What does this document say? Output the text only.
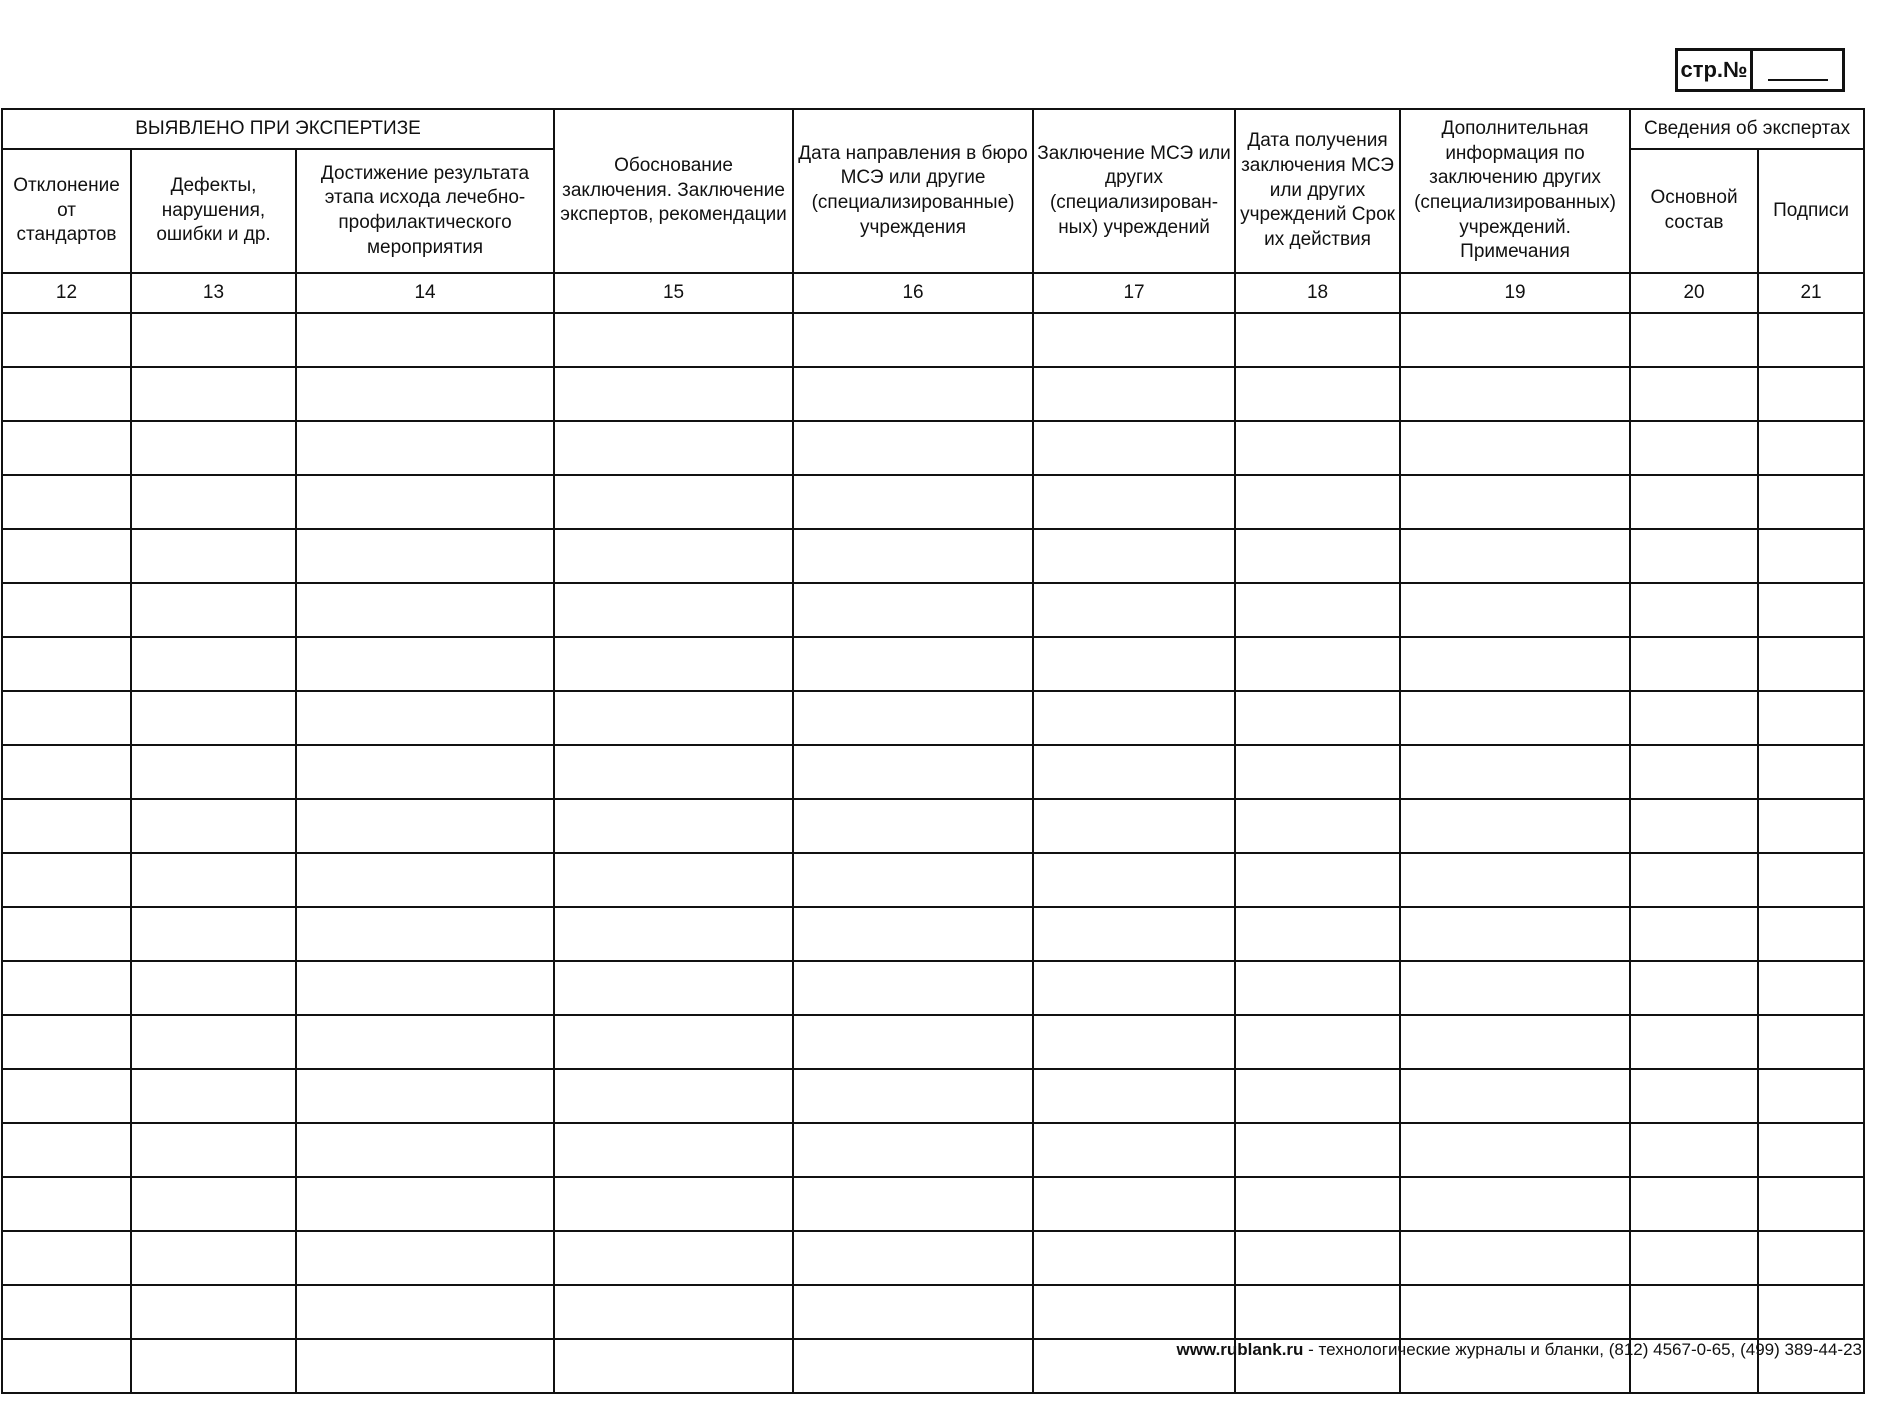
стр.№
ВЫЯВЛЕНО ПРИ ЭКСПЕРТИЗЕ			Обоснование заключения. Заключение экспертов, рекомендации	Дата направления в бюро МСЭ или другие (специализированные) учреждения	Заключение МСЭ или других (специализирован-ных) учреждений	Дата получения заключения МСЭ или других учреждений Срок их действия	Дополнительная информация по заключению других (специализированных) учреждений. Примечания	Сведения об экспертах	
Отклонение от стандартов	Дефекты, нарушения, ошибки и др.	Достижение результата этапа исхода лечебно-профилактического мероприятия						Основной состав	Подписи
12	13	14	15	16	17	18	19	20	21

www.rublank.ru - технологические журналы и бланки, (812) 4567-0-65, (499) 389-44-23
